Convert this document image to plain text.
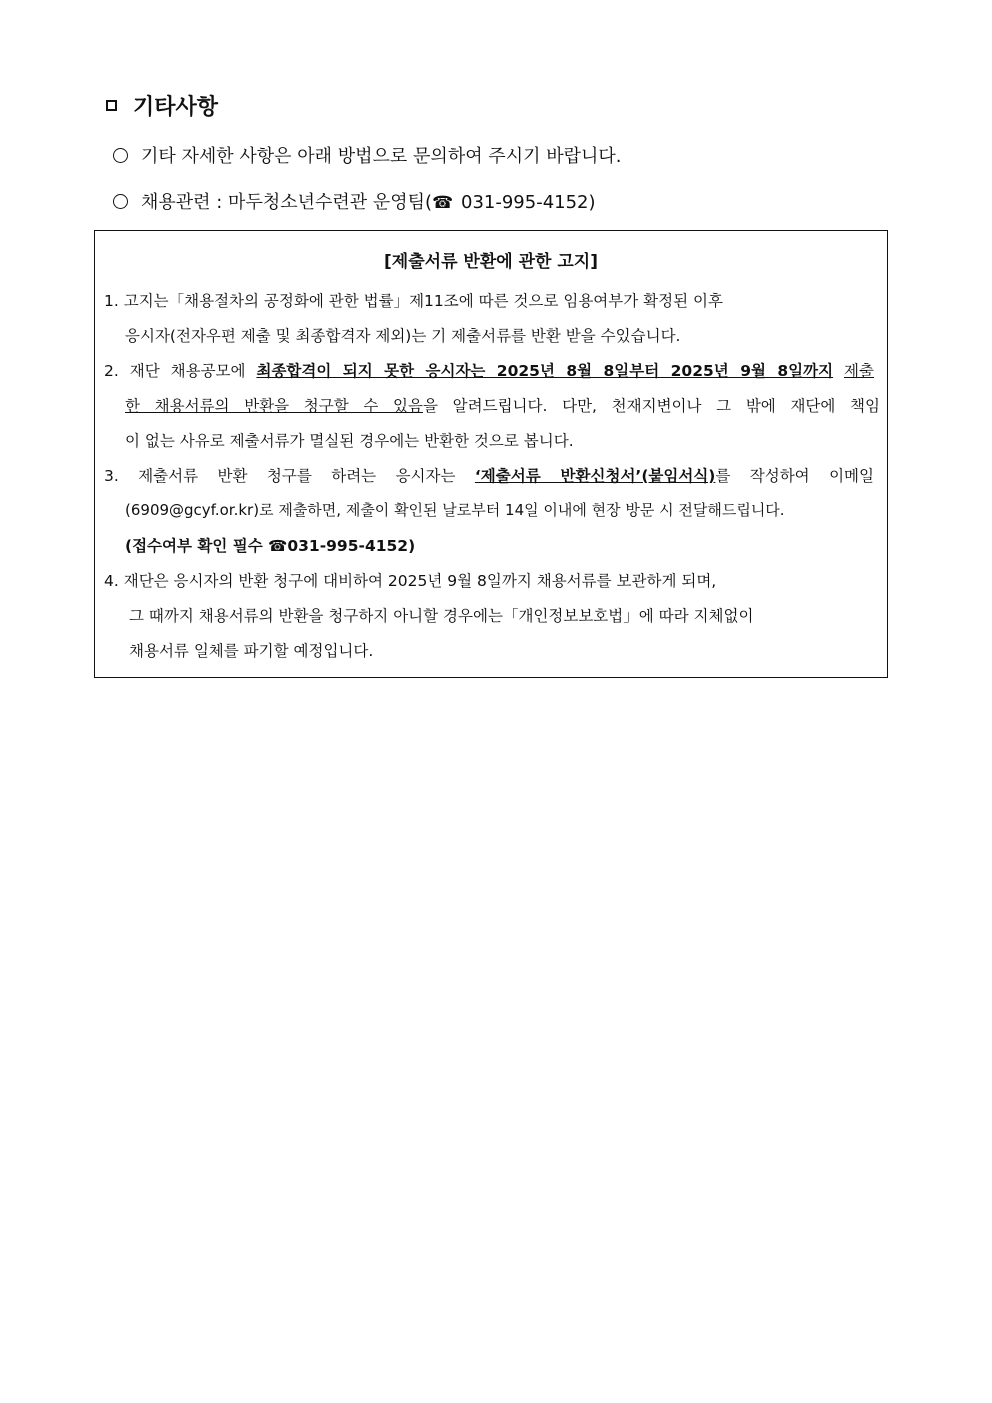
기타사항
기타 자세한 사항은 아래 방법으로 문의하여 주시기 바랍니다.
채용관련 : 마두청소년수련관 운영팀(☎ 031-995-4152)
[제출서류 반환에 관한 고지]
1. 고지는「채용절차의 공정화에 관한 법률」제11조에 따른 것으로 임용여부가 확정된 이후
응시자(전자우편 제출 및 최종합격자 제외)는 기 제출서류를 반환 받을 수있습니다.
2. 재단 채용공모에 최종합격이 되지 못한 응시자는 2025년 8월 8일부터 2025년 9월 8일까지 제출
한 채용서류의 반환을 청구할 수 있음을 알려드립니다. 다만, 천재지변이나 그 밖에 재단에 책임
이 없는 사유로 제출서류가 멸실된 경우에는 반환한 것으로 봅니다.
3. 제출서류 반환 청구를 하려는 응시자는 ‘제출서류 반환신청서’(붙임서식)를 작성하여 이메일
(6909@gcyf.or.kr)로 제출하면, 제출이 확인된 날로부터 14일 이내에 현장 방문 시 전달해드립니다.
(접수여부 확인 필수 ☎031-995-4152)
4. 재단은 응시자의 반환 청구에 대비하여 2025년 9월 8일까지 채용서류를 보관하게 되며,
그 때까지 채용서류의 반환을 청구하지 아니할 경우에는「개인정보보호법」에 따라 지체없이
채용서류 일체를 파기할 예정입니다.
